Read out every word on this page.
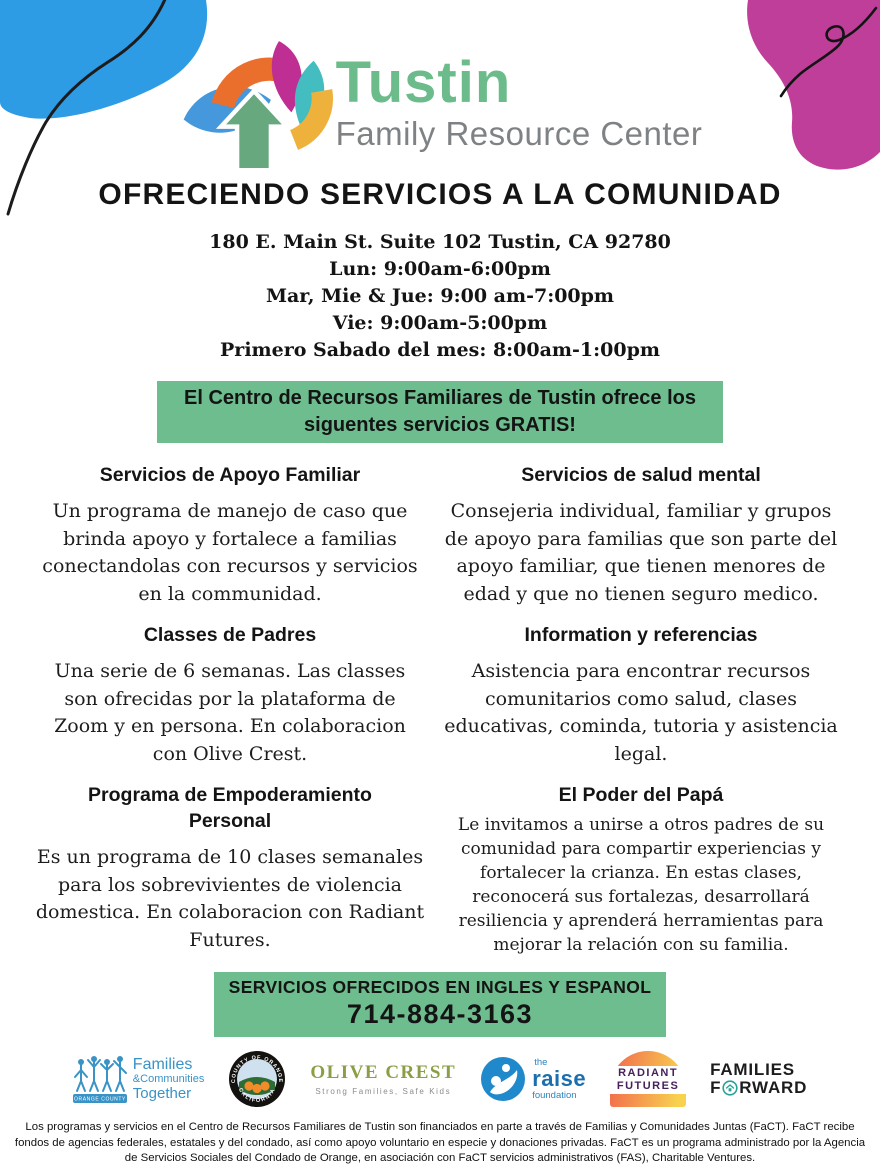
Tustin
Family Resource Center
OFRECIENDO SERVICIOS A LA COMUNIDAD
180 E. Main St. Suite 102 Tustin, CA 92780
Lun: 9:00am-6:00pm
Mar, Mie & Jue: 9:00 am-7:00pm
Vie: 9:00am-5:00pm
Primero Sabado del mes: 8:00am-1:00pm
El Centro de Recursos Familiares de Tustin ofrece los siguentes servicios GRATIS!
Servicios de Apoyo Familiar
Un programa de manejo de caso que brinda apoyo y fortalece a familias conectandolas con recursos y servicios en la communidad.
Servicios de salud mental
Consejeria individual, familiar y grupos de apoyo para familias que son parte del apoyo familiar, que tienen menores de edad y que no tienen seguro medico.
Classes de Padres
Una serie de 6 semanas. Las classes son ofrecidas por la plataforma de Zoom y en persona. En colaboracion con Olive Crest.
Information y referencias
Asistencia para encontrar recursos comunitarios como salud, clases educativas, cominda, tutoria y asistencia legal.
Programa de Empoderamiento Personal
Es un programa de 10 clases semanales para los sobrevivientes de violencia domestica. En colaboracion con Radiant Futures.
El Poder del Papá
Le invitamos a unirse a otros padres de su comunidad para compartir experiencias y fortalecer la crianza. En estas clases, reconocerá sus fortalezas, desarrollará resiliencia y aprenderá herramientas para mejorar la relación con su familia.
SERVICIOS OFRECIDOS EN INGLES Y ESPANOL
714-884-3163
ORANGE COUNTY
Families
&Communities
Together
COUNTY OF ORANGE
CALIFORNIA
OLIVE CREST
Strong Families, Safe Kids
the
raise
foundation
RADIANT
FUTURES
FAMILIES
F RWARD
Los programas y servicios en el Centro de Recursos Familiares de Tustin son financiados en parte a través de Familias y Comunidades Juntas (FaCT). FaCT recibe fondos de agencias federales, estatales y del condado, así como apoyo voluntario en especie y donaciones privadas. FaCT es un programa administrado por la Agencia de Servicios Sociales del Condado de Orange, en asociación con FaCT servicios administrativos (FAS), Charitable Ventures.
